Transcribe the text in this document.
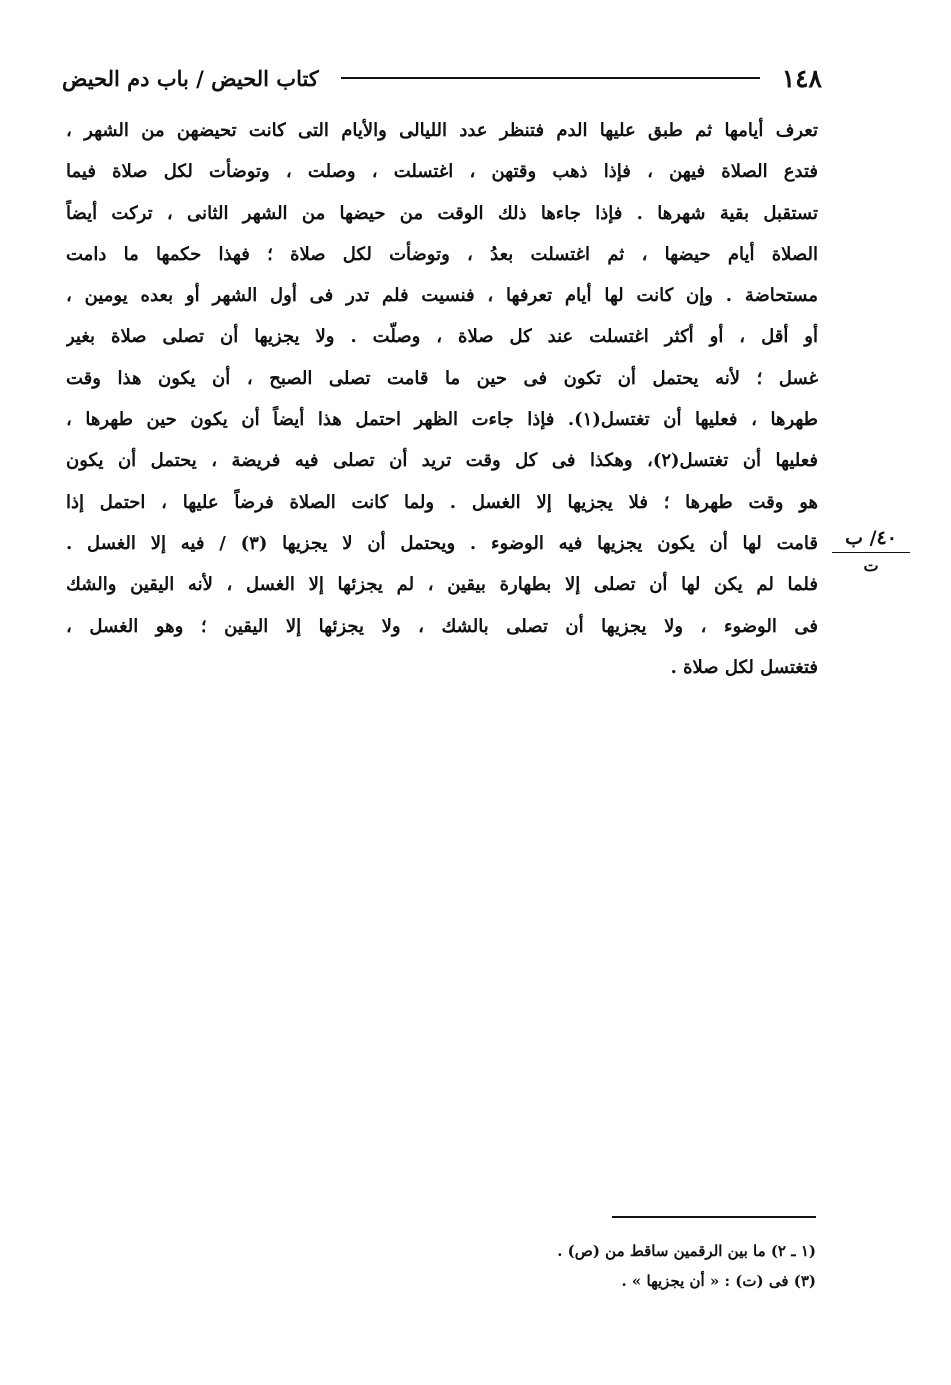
١٤٨
كتاب الحيض / باب دم الحيض
تعرف أيامها ثم طبق عليها الدم فتنظر عدد الليالى والأيام التى كانت تحيضهن من الشهر ،
فتدع الصلاة فيهن ، فإذا ذهب وقتهن ، اغتسلت ، وصلت ، وتوضأت لكل صلاة فيما
تستقبل بقية شهرها . فإذا جاءها ذلك الوقت من حيضها من الشهر الثانى ، تركت أيضاً
الصلاة أيام حيضها ، ثم اغتسلت بعدُ ، وتوضأت لكل صلاة ؛ فهذا حكمها ما دامت
مستحاضة . وإن كانت لها أيام تعرفها ، فنسيت فلم تدر فى أول الشهر أو بعده يومين ،
أو أقل ، أو أكثر اغتسلت عند كل صلاة ، وصلّت . ولا يجزيها أن تصلى صلاة بغير
غسل ؛ لأنه يحتمل أن تكون فى حين ما قامت تصلى الصبح ، أن يكون هذا وقت
طهرها ، فعليها أن تغتسل(١). فإذا جاءت الظهر احتمل هذا أيضاً أن يكون حين طهرها ،
فعليها أن تغتسل(٢)، وهكذا فى كل وقت تريد أن تصلى فيه فريضة ، يحتمل أن يكون
هو وقت طهرها ؛ فلا يجزيها إلا الغسل . ولما كانت الصلاة فرضاً عليها ، احتمل إذا
قامت لها أن يكون يجزيها فيه الوضوء . ويحتمل أن لا يجزيها (٣) / فيه إلا الغسل .
فلما لم يكن لها أن تصلى إلا بطهارة بيقين ، لم يجزئها إلا الغسل ، لأنه اليقين والشك
فى الوضوء ، ولا يجزيها أن تصلى بالشك ، ولا يجزئها إلا اليقين ؛ وهو الغسل ،
فتغتسل لكل صلاة .
٤٠/ ب
ت
(١ ـ ٢) ما بين الرقمين ساقط من (ص) .
(٣) فى (ت) : « أن يجزيها » .
